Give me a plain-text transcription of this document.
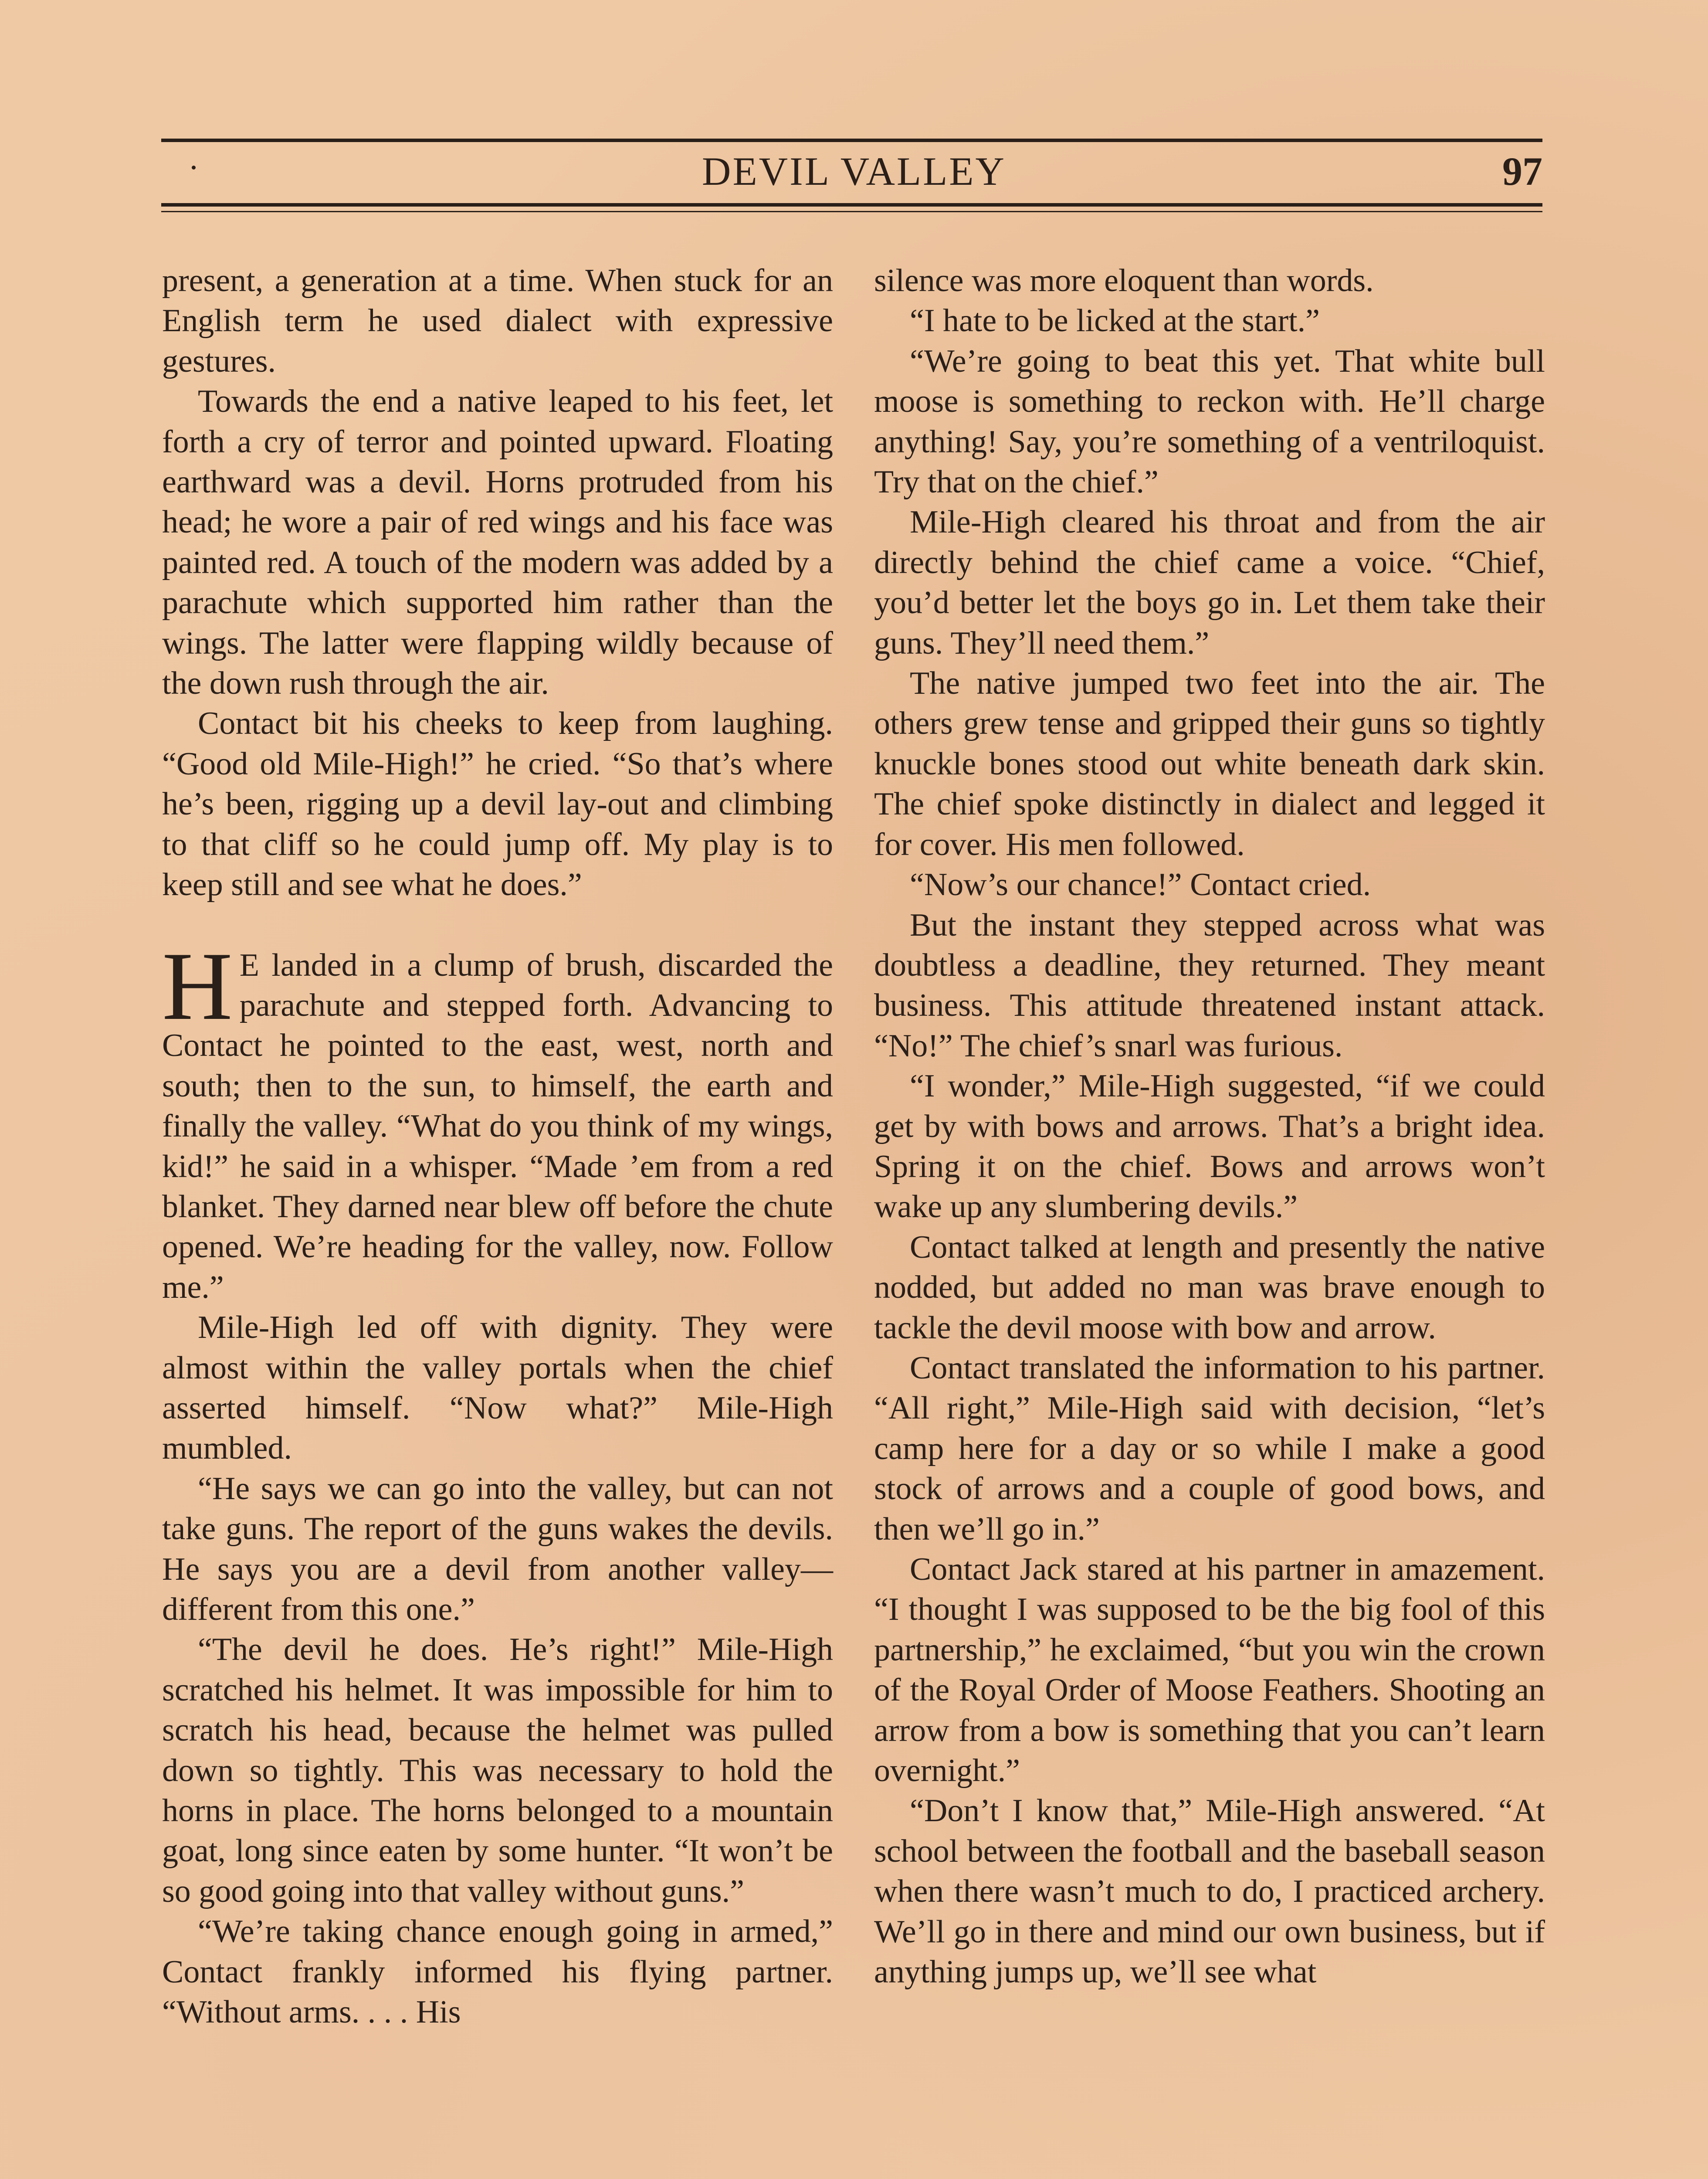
DEVIL VALLEY	97

present, a generation at a time. When stuck for an English term he used dialect with expressive gestures.

Towards the end a native leaped to his feet, let forth a cry of terror and pointed upward. Floating earthward was a devil. Horns protruded from his head; he wore a pair of red wings and his face was painted red. A touch of the modern was added by a parachute which supported him rather than the wings. The latter were flapping wildly because of the down rush through the air.

Contact bit his cheeks to keep from laughing. “Good old Mile-High!” he cried. “So that’s where he’s been, rigging up a devil lay-out and climbing to that cliff so he could jump off. My play is to keep still and see what he does.”

H E landed in a clump of brush, discarded the parachute and stepped forth. Advancing to Contact he pointed to the east, west, north and south; then to the sun, to himself, the earth and finally the valley. “What do you think of my wings, kid!” he said in a whisper. “Made ’em from a red blanket. They darned near blew off before the chute opened. We’re heading for the valley, now. Follow me.”

Mile-High led off with dignity. They were almost within the valley portals when the chief asserted himself. “Now what?” Mile-High mumbled.

“He says we can go into the valley, but can not take guns. The report of the guns wakes the devils. He says you are a devil from another valley—different from this one.”

“The devil he does. He’s right!” Mile-High scratched his helmet. It was impossible for him to scratch his head, because the helmet was pulled down so tightly. This was necessary to hold the horns in place. The horns belonged to a mountain goat, long since eaten by some hunter. “It won’t be so good going into that valley without guns.”

“We’re taking chance enough going in armed,” Contact frankly informed his flying partner. “Without arms. . . . His

silence was more eloquent than words.

“I hate to be licked at the start.”

“We’re going to beat this yet. That white bull moose is something to reckon with. He’ll charge anything! Say, you’re something of a ventriloquist. Try that on the chief.”

Mile-High cleared his throat and from the air directly behind the chief came a voice. “Chief, you’d better let the boys go in. Let them take their guns. They’ll need them.”

The native jumped two feet into the air. The others grew tense and gripped their guns so tightly knuckle bones stood out white beneath dark skin. The chief spoke distinctly in dialect and legged it for cover. His men followed.

“Now’s our chance!” Contact cried.

But the instant they stepped across what was doubtless a deadline, they returned. They meant business. This attitude threatened instant attack. “No!” The chief’s snarl was furious.

“I wonder,” Mile-High suggested, “if we could get by with bows and arrows. That’s a bright idea. Spring it on the chief. Bows and arrows won’t wake up any slumbering devils.”

Contact talked at length and presently the native nodded, but added no man was brave enough to tackle the devil moose with bow and arrow.

Contact translated the information to his partner. “All right,” Mile-High said with decision, “let’s camp here for a day or so while I make a good stock of arrows and a couple of good bows, and then we’ll go in.”

Contact Jack stared at his partner in amazement. “I thought I was supposed to be the big fool of this partnership,” he exclaimed, “but you win the crown of the Royal Order of Moose Feathers. Shooting an arrow from a bow is something that you can’t learn overnight.”

“Don’t I know that,” Mile-High answered. “At school between the football and the baseball season when there wasn’t much to do, I practiced archery. We’ll go in there and mind our own business, but if anything jumps up, we’ll see what
